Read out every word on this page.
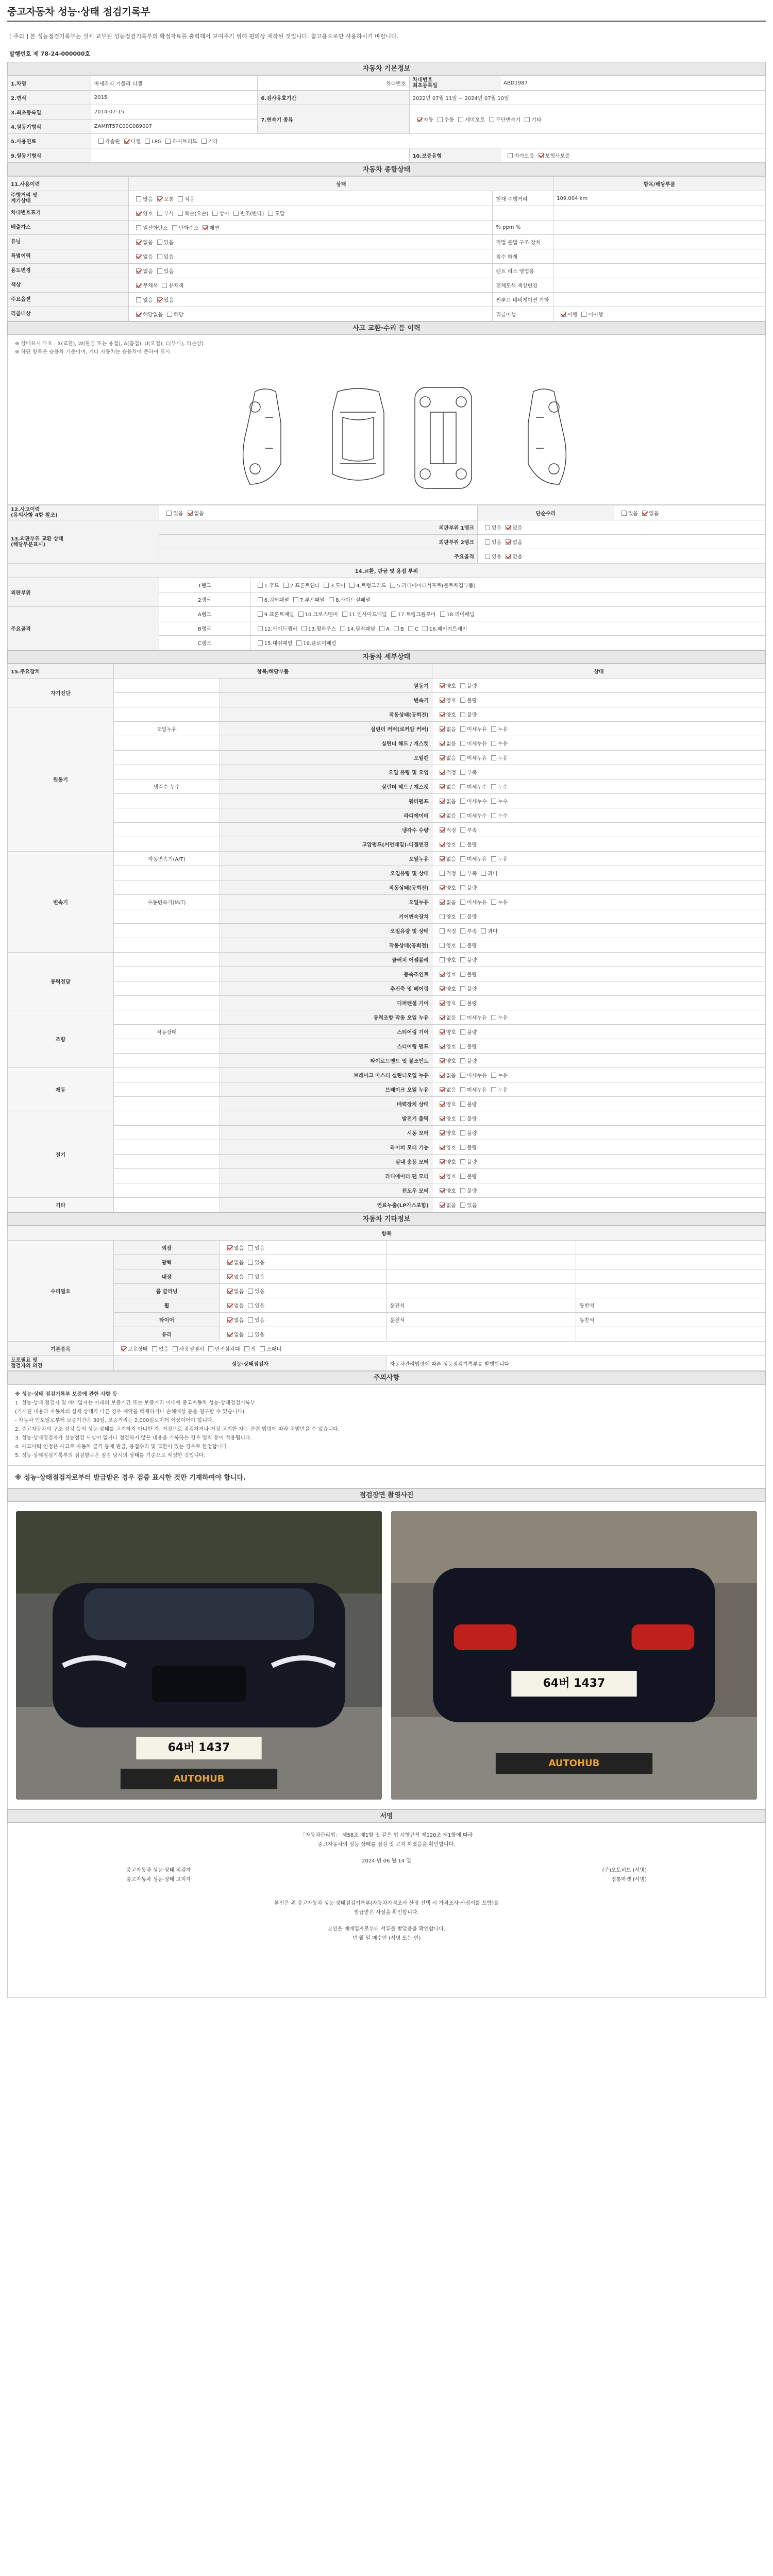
중고자동차 성능·상태 점검기록부
[ 주의 ] 본 성능점검기록부는 실제 교부된 성능점검기록부의 확정자료를 출력해서 보여주기 위해 편의상 제작된 것입니다. 참고용으로만 사용하시기 바랍니다.
발행번호 제 78-24-000000호
자동차 기본정보
1.차명	마세라티 기블리 디젤	차대번호	차대번호
최초등록일	ABD1987
2.연식	2015	6.검사유효기간	2022년 07월 11일 ~ 2024년 07월 10일	
3.최초등록일	2014-07-15	7.변속기 종류	자동 수동 세미오토 무단변속기 기타	
4.원동기형식	ZAMRT57C00C089007			
5.사용연료	가솔린 디젤 LPG 하이브리드 기타			
9.원동기형식			10.보증유형	자가보증 보험사보증
자동차 종합상태
11.사용이력	상태		항목/해당부품
주행거리 및
계기상태	많음 보통 적음	현재 주행거리	109,004 km
차대번호표기	양호 부식 훼손(오손) 상이 변조(변타) 도말		
배출가스	일산화탄소 탄화수소 매연	% ppm %	
튜닝	없음 있음	적법 불법 구조 장치	
특별이력	없음 있음	침수 화재	
용도변경	없음 있음	렌트 리스 영업용	
색상	무채색 유채색	전체도색 색상변경	
주요옵션	없음 있음	썬루프 네비게이션 기타	
리콜대상	해당없음 해당	리콜이행	이행 미이행
사고 교환·수리 등 이력
※ 상태표시 부호 : X(교환), W(판금 또는 용접), A(흠집), U(요철), C(부식), T(손상)
※ 하단 항목은 승용차 기준이며, 기타 자동차는 승용차에 준하여 표시
12.사고이력
(유의사항 4항 참조)	있음 없음		단순수리	있음 없음
13.외판부위 교환 상태
(해당부분표시)	외판부위 1랭크		있음 없음	
	외판부위 2랭크		있음 없음	
	주요골격		있음 없음	
14.교환, 판금 및 용접 부위				
외판부위	1랭크	1.후드 2.프론트휀더 3.도어 4.트렁크리드 5.라디에이터서포트(볼트체결부품)		
	2랭크	6.쿼터패널 7.루프패널 8.사이드실패널		
주요골격	A랭크	9.프론트패널 10.크로스멤버 11.인사이드패널 17.트렁크플로어 18.리어패널		
	B랭크	12.사이드멤버 13.휠하우스 14.필러패널 A B C 16.패키지트레이		
	C랭크	15.대쉬패널 19.플로어패널		
자동차 세부상태
15.주요장치	항목/해당부품		상태
자기진단		원동기	양호 불량
		변속기	양호 불량
원동기		작동상태(공회전)	양호 불량
	오일누유	실린더 커버(로커암 커버)	없음 미세누유 누유
		실린더 헤드 / 개스켓	없음 미세누유 누유
		오일팬	없음 미세누유 누유
		오일 유량 및 오염	적정 부족
	냉각수 누수	실린더 헤드 / 개스켓	없음 미세누수 누수
		워터펌프	없음 미세누수 누수
		라디에이터	없음 미세누수 누수
		냉각수 수량	적정 부족
		고압펌프(커먼레일)-디젤엔진	양호 불량
변속기	자동변속기(A/T)	오일누유	없음 미세누유 누유
		오일유량 및 상태	적정 부족 과다
		작동상태(공회전)	양호 불량
	수동변속기(M/T)	오일누유	없음 미세누유 누유
		기어변속장치	양호 불량
		오일유량 및 상태	적정 부족 과다
		작동상태(공회전)	양호 불량
동력전달		클러치 어셈블리	양호 불량
		등속조인트	양호 불량
		추진축 및 베어링	양호 불량
		디퍼렌셜 기어	양호 불량
조향		동력조향 작동 오일 누유	없음 미세누유 누유
	작동상태	스티어링 기어	양호 불량
		스티어링 펌프	양호 불량
		타이로드엔드 및 볼조인트	양호 불량
제동		브레이크 마스터 실린더오일 누유	없음 미세누유 누유
		브레이크 오일 누유	없음 미세누유 누유
		배력장치 상태	양호 불량
전기		발전기 출력	양호 불량
		시동 모터	양호 불량
		와이퍼 모터 기능	양호 불량
		실내 송풍 모터	양호 불량
		라디에이터 팬 모터	양호 불량
		윈도우 모터	양호 불량
기타		연료누출(LP가스포함)	없음 있음
자동차 기타정보
항목				
수리필요	외장	없음 있음		
	광택	없음 있음		
	내장	없음 있음		
	룸 클리닝	없음 있음		
	휠	없음 있음	운전석	동반석
	타이어	없음 있음	운전석	동반석
	유리	없음 있음		
기본품목	보유상태 없음 사용설명서 안전삼각대 잭 스패너			
도포필요 및
점검자의 의견	성능·상태점검자		자동차관리법령에 따른 성능점검기록부를 발행합니다	
주의사항
※ 성능·상태 점검기록부 보증에 관한 사항 등
1. 성능·상태 점검자 및 매매업자는 아래의 보증기간 또는 보증거리 이내에 중고자동차 성능·상태점검기록부
(기재된 내용과 자동차의 실제 상태가 다른 경우 계약을 해제하거나 손해배상 등을 청구할 수 있습니다)
- 자동차 인도일로부터 보증기간은 30일, 보증거리는 2,000킬로미터 이상이어야 합니다.
2. 중고자동차의 구조·장치 등의 성능·상태를 고지하지 아니한 자, 거짓으로 점검하거나 거짓 고지한 자는 관련 법령에 따라 처벌받을 수 있습니다.
3. 성능·상태점검자가 성능점검 사실이 없거나 점검하지 않은 내용을 기록하는 경우 벌칙 등이 적용됩니다.
4. 사고이력 인정은 사고로 자동차 골격 등에 판금, 용접수리 및 교환이 있는 경우로 한정합니다.
5. 성능·상태점검기록부의 점검항목은 점검 당시의 상태를 기준으로 작성한 것입니다.
※ 성능·상태점검자로부터 발급받은 경우 검증 표시한 것만 기재하여야 합니다.
점검장면 촬영사진
64버 1437
AUTOHUB
64버 1437
AUTOHUB
서명

「자동차관리법」 제58조 제1항 및 같은 법 시행규칙 제120조 제1항에 따라

중고자동차의 성능·상태를 점검 및 고지 하였음을 확인합니다.

2024 년 06 월 14 일

중고자동차 성능·상태 점검자	(주)오토허브 (서명)
중고자동차 성능·상태 고지자	정통마켓 (서명)

본인은 위 중고자동차 성능·상태점검기록부(자동차가격조사 산정 선택 시 가격조사·산정서를 포함)를

발급받은 사실을 확인합니다.

본인은 매매업자로부터 서류를 받았음을 확인합니다.

년 월 일 매수인 (서명 또는 인)
